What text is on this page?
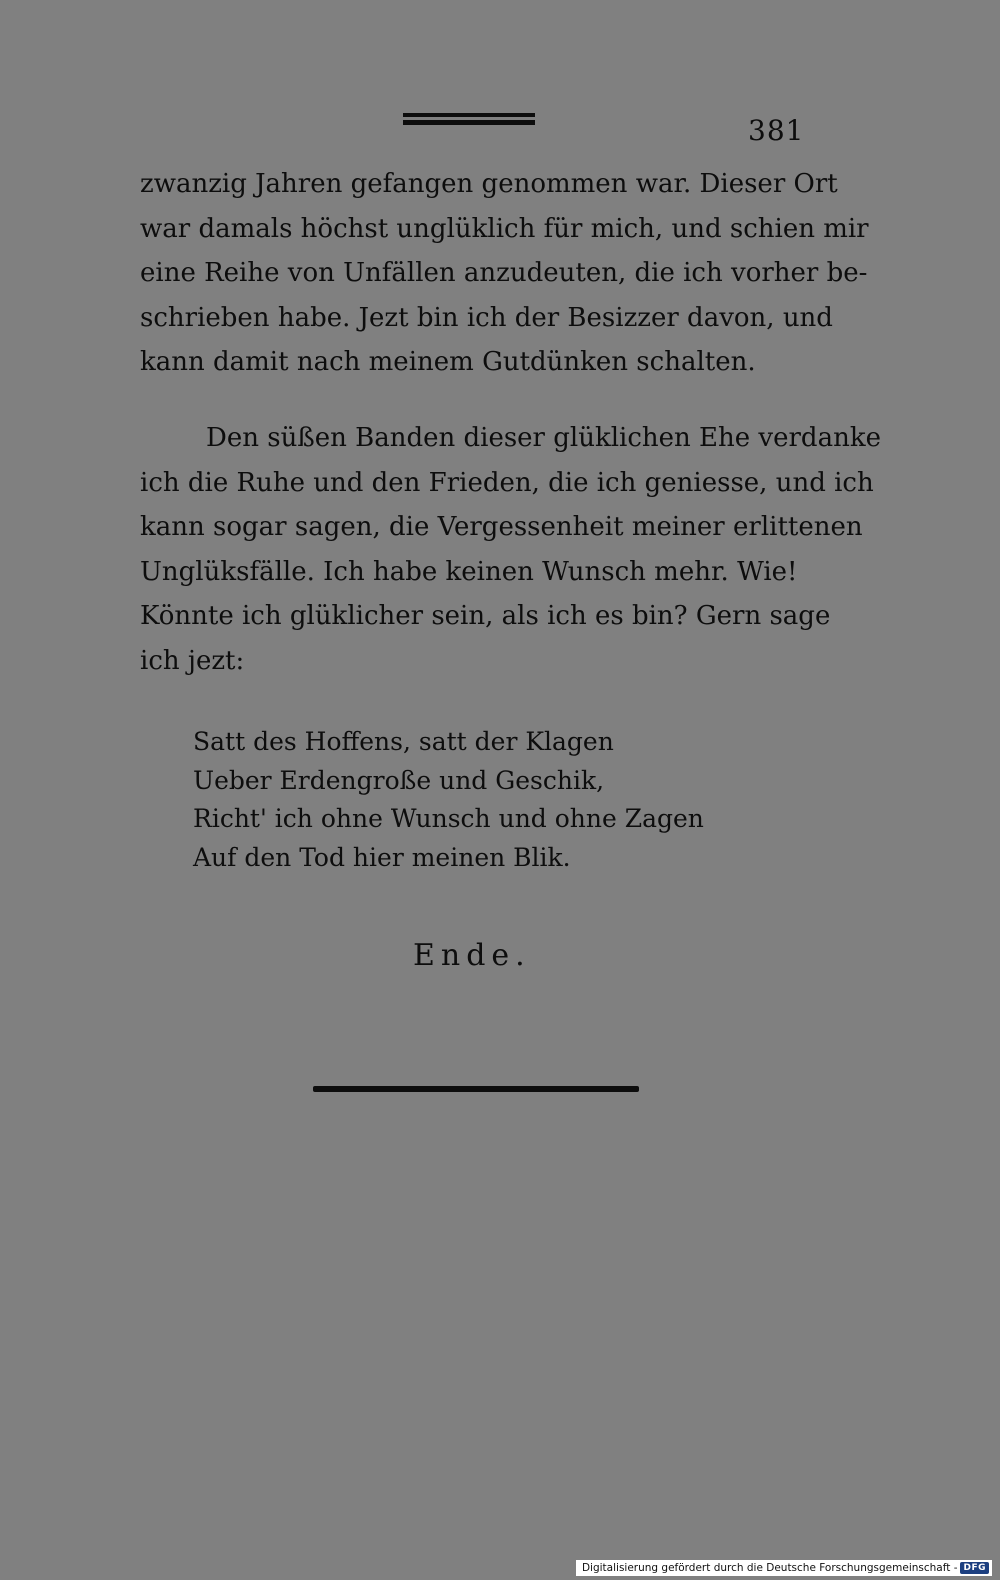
381
zwanzig Jahren gefangen genommen war. Dieser Ort
war damals höchst unglüklich für mich, und schien mir
eine Reihe von Unfällen anzudeuten, die ich vorher be-
schrieben habe. Jezt bin ich der Besizzer davon, und
kann damit nach meinem Gutdünken schalten.
Den süßen Banden dieser glüklichen Ehe verdanke
ich die Ruhe und den Frieden, die ich geniesse, und ich
kann sogar sagen, die Vergessenheit meiner erlittenen
Unglüksfälle. Ich habe keinen Wunsch mehr. Wie!
Könnte ich glüklicher sein, als ich es bin? Gern sage
ich jezt:
Satt des Hoffens, satt der Klagen
Ueber Erdengroße und Geschik,
Richt' ich ohne Wunsch und ohne Zagen
Auf den Tod hier meinen Blik.
Ende.
Digitalisierung gefördert durch die Deutsche Forschungsgemeinschaft - DFG
